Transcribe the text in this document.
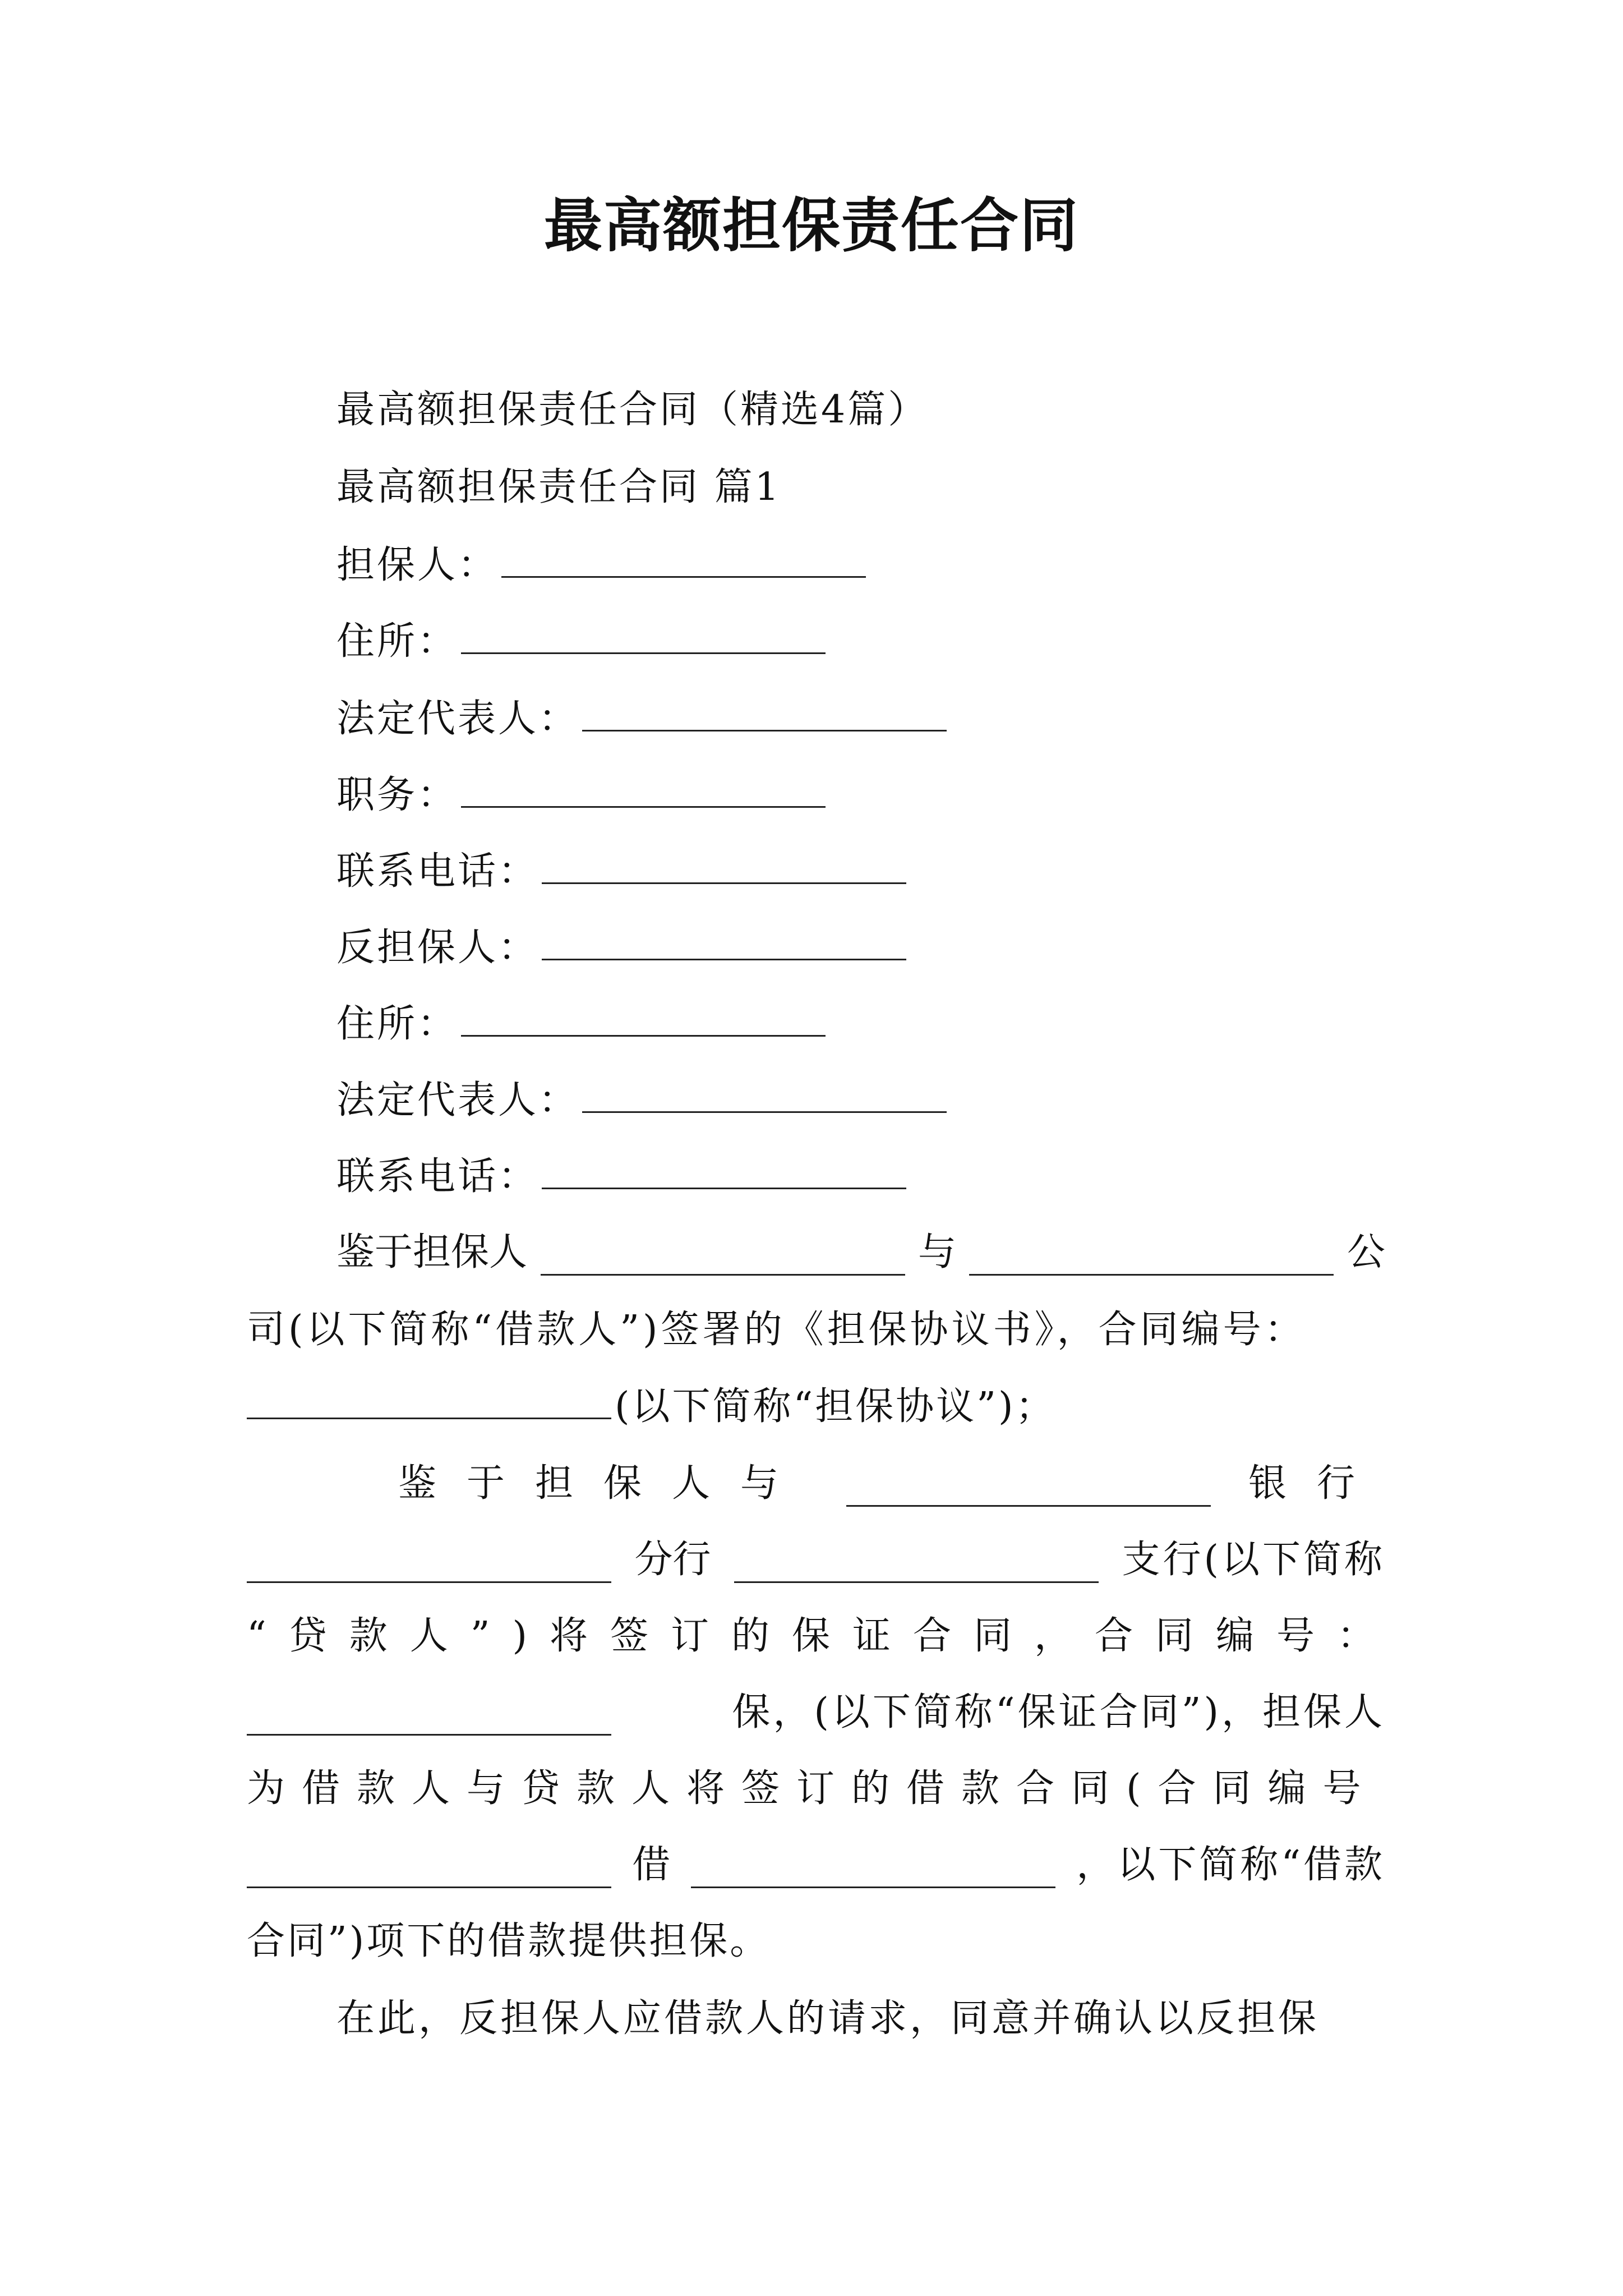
最高额担保责任合同
最高额担保责任合同（精选4篇）
最高额担保责任合同 篇1
担保人：
住所：
法定代表人：
职务：
联系电话：
反担保人：
住所：
法定代表人：
联系电话：
鉴于担保人	与	公
司(以下简称“借款人”)签署的《担保协议书》，合同编号：
(以下简称“担保协议”)；
鉴于担保人与	银行
分行	支行(以下简称
“贷款人”)将签订的保证合同，合同编号：
保，(以下简称“保证合同”)，担保人
为借款人与贷款人将签订的借款合同(合同编号
借	，以下简称“借款
合同”)项下的借款提供担保。
在此，反担保人应借款人的请求，同意并确认以反担保
